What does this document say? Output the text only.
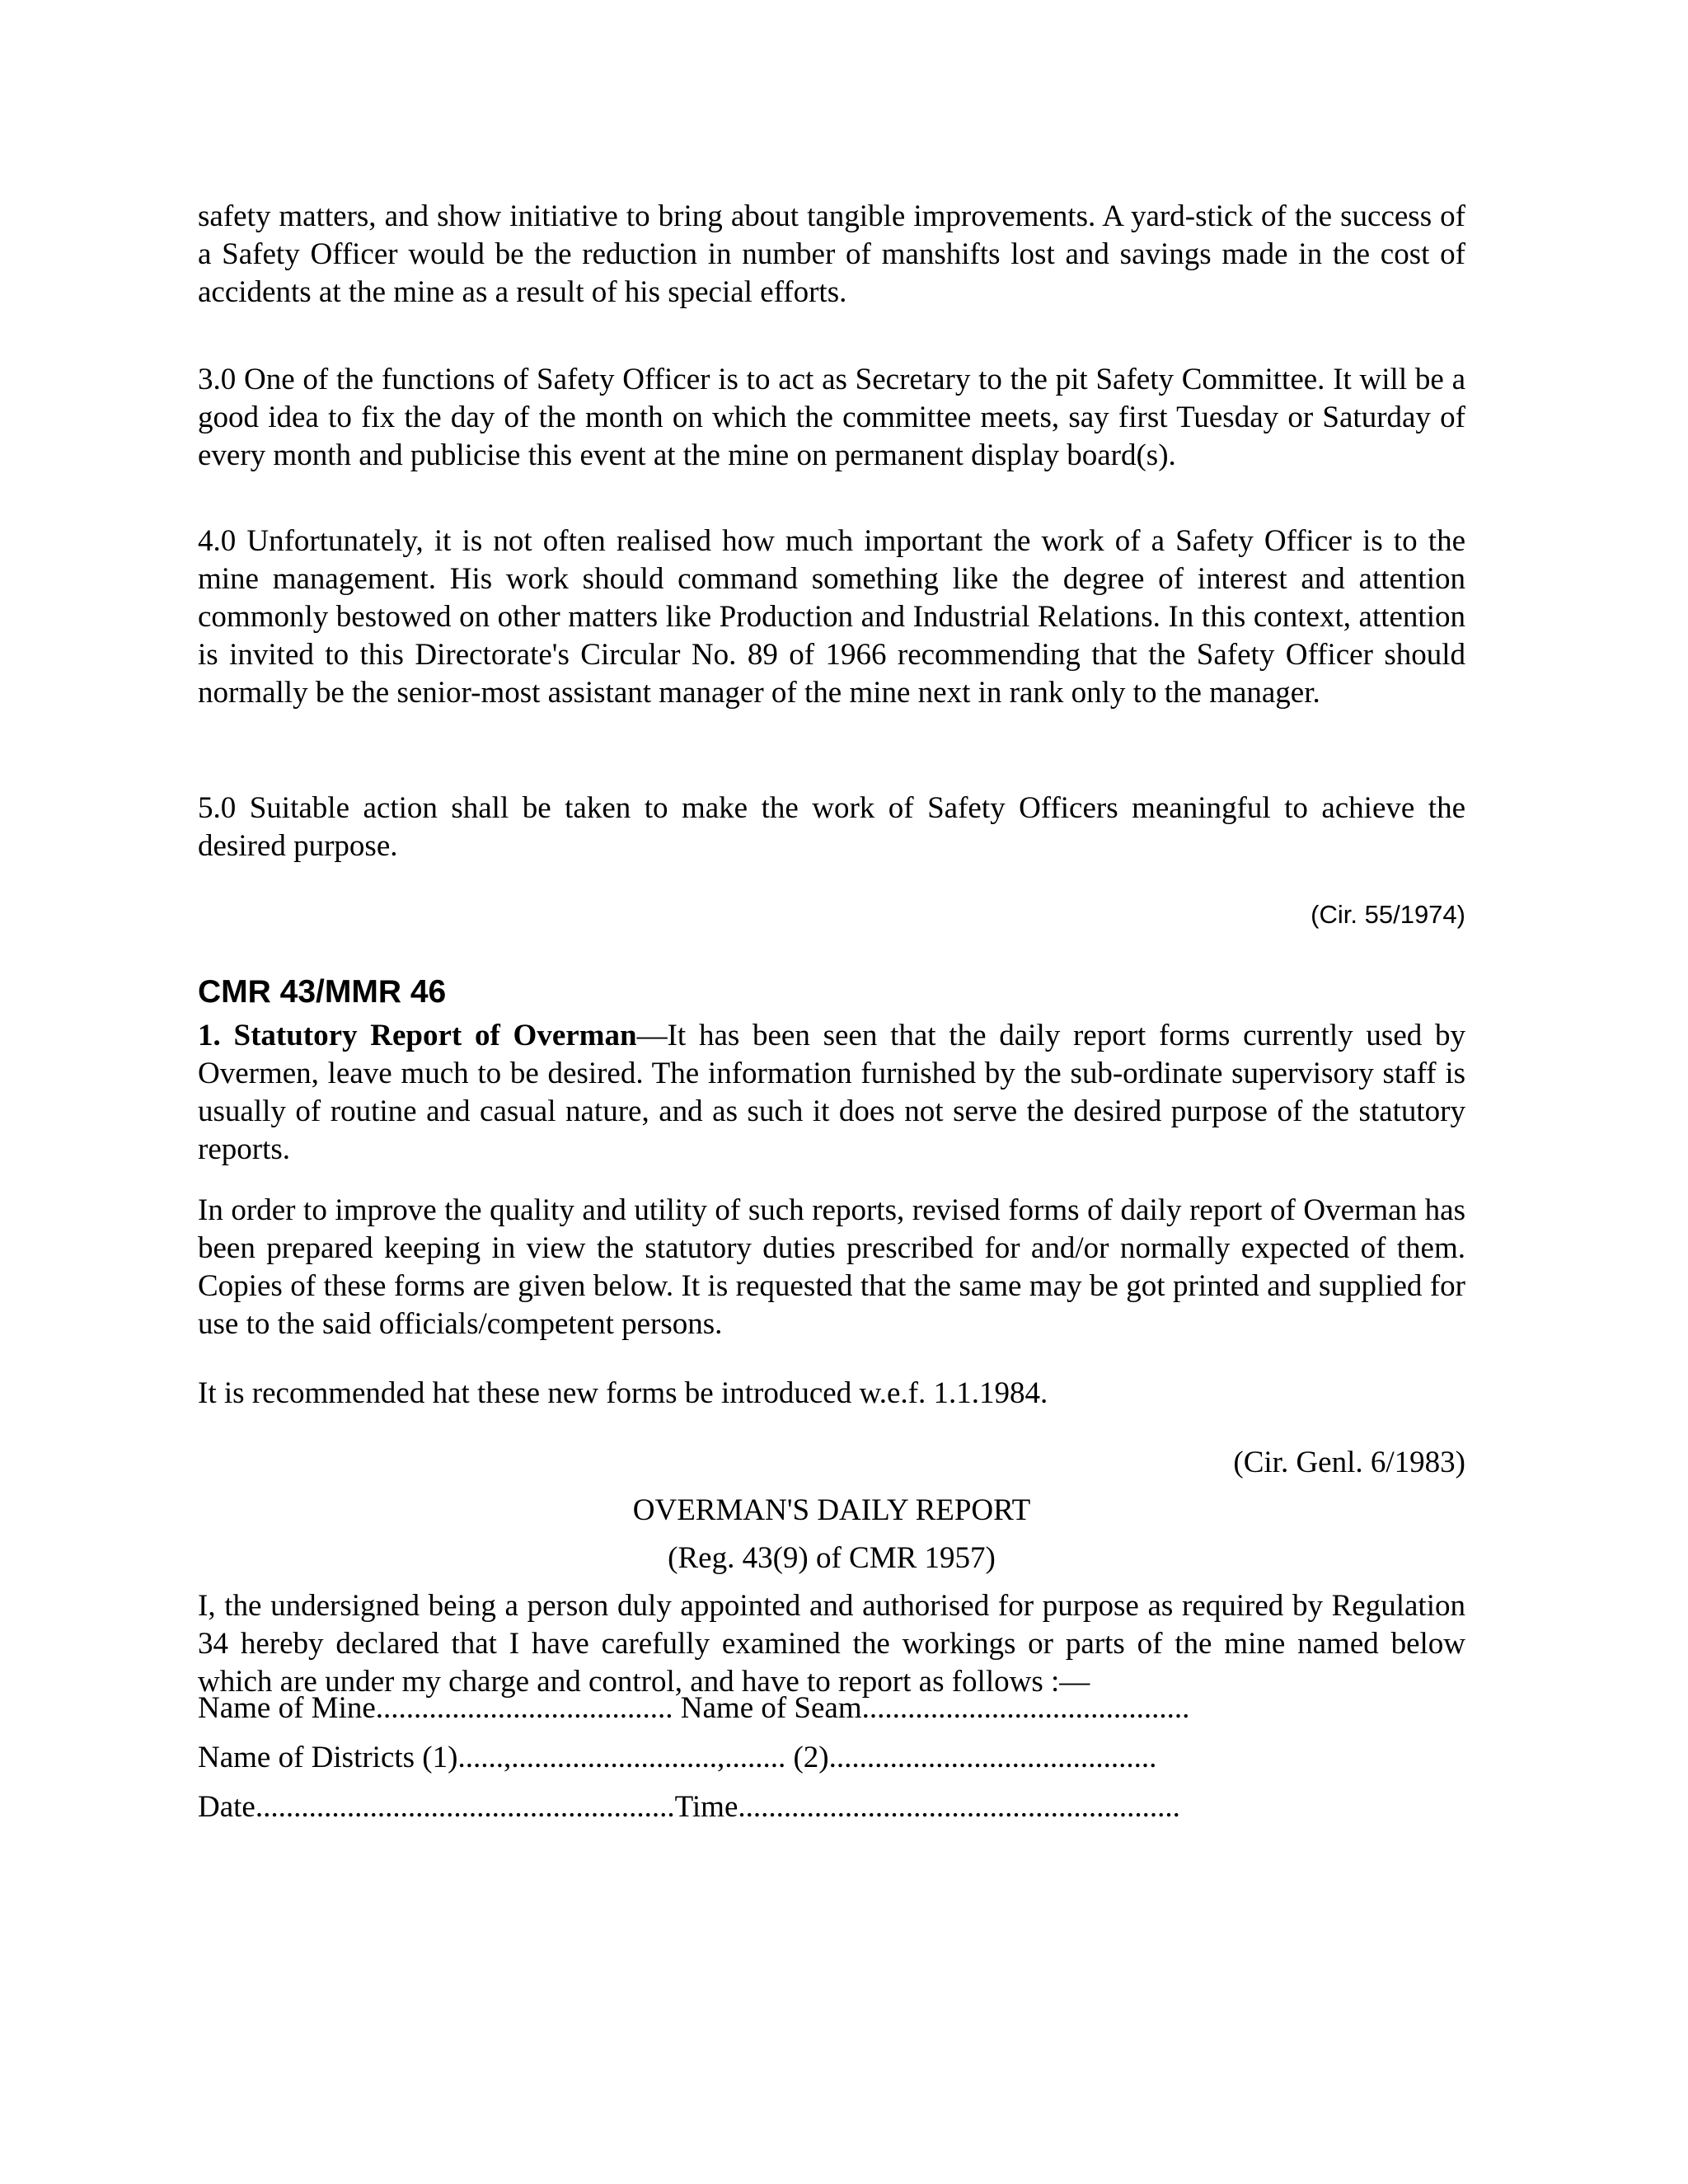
safety matters, and show initiative to bring about tangible improvements. A yard-stick of the success of a Safety Officer would be the reduction in number of manshifts lost and savings made in the cost of accidents at the mine as a result of his special efforts.

3.0 One of the functions of Safety Officer is to act as Secretary to the pit Safety Committee. It will be a good idea to fix the day of the month on which the committee meets, say first Tuesday or Saturday of every month and publicise this event at the mine on permanent display board(s).

4.0 Unfortunately, it is not often realised how much important the work of a Safety Officer is to the mine management. His work should command something like the degree of interest and attention commonly bestowed on other matters like Production and Industrial Relations. In this context, attention is invited to this Directorate's Circular No. 89 of 1966 recommending that the Safety Officer should normally be the senior-most assistant manager of the mine next in rank only to the manager.

5.0 Suitable action shall be taken to make the work of Safety Officers meaningful to achieve the desired purpose.

(Cir. 55/1974)

CMR 43/MMR 46

1. Statutory Report of Overman—It has been seen that the daily report forms currently used by Overmen, leave much to be desired. The information furnished by the sub-ordinate supervisory staff is usually of routine and casual nature, and as such it does not serve the desired purpose of the statutory reports.

In order to improve the quality and utility of such reports, revised forms of daily report of Overman has been prepared keeping in view the statutory duties prescribed for and/or normally expected of them. Copies of these forms are given below. It is requested that the same may be got printed and supplied for use to the said officials/competent persons.

It is recommended hat these new forms be introduced w.e.f. 1.1.1984.

(Cir. Genl. 6/1983)

OVERMAN'S DAILY REPORT

(Reg. 43(9) of CMR 1957)

I, the undersigned being a person duly appointed and authorised for purpose as required by Regulation 34 hereby declared that I have carefully examined the workings or parts of the mine named below which are under my charge and control, and have to report as follows :—

Name of Mine....................................... Name of Seam...........................................

Name of Districts (1)......,...........................,........ (2)...........................................

Date.......................................................Time..........................................................
